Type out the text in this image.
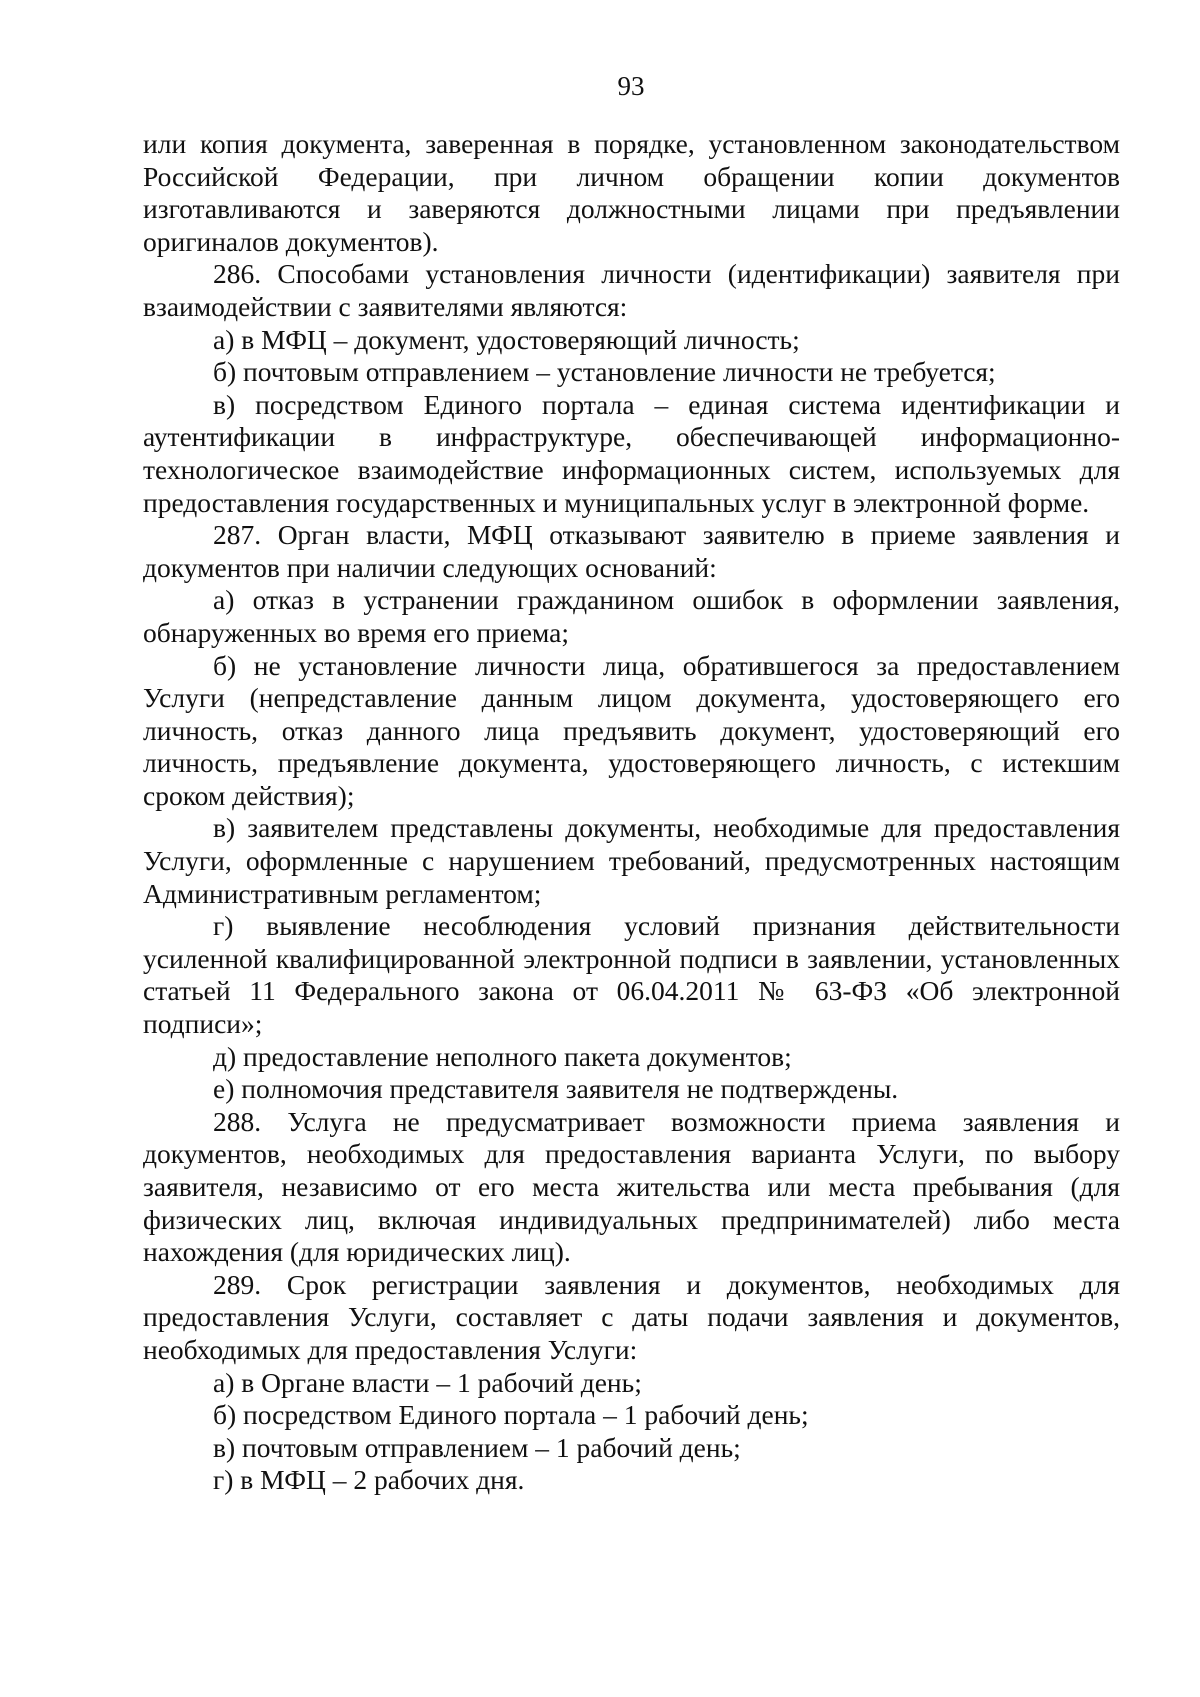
93

или копия документа, заверенная в порядке, установленном законодательством Российской Федерации, при личном обращении копии документов изготавливаются и заверяются должностными лицами при предъявлении оригиналов документов).

286. Способами установления личности (идентификации) заявителя при взаимодействии с заявителями являются:

а) в МФЦ – документ, удостоверяющий личность;

б) почтовым отправлением – установление личности не требуется;

в) посредством Единого портала – единая система идентификации и аутентификации в инфраструктуре, обеспечивающей информационно-технологическое взаимодействие информационных систем, используемых для предоставления государственных и муниципальных услуг в электронной форме.

287. Орган власти, МФЦ отказывают заявителю в приеме заявления и документов при наличии следующих оснований:

а) отказ в устранении гражданином ошибок в оформлении заявления, обнаруженных во время его приема;

б) не установление личности лица, обратившегося за предоставлением Услуги (непредставление данным лицом документа, удостоверяющего его личность, отказ данного лица предъявить документ, удостоверяющий его личность, предъявление документа, удостоверяющего личность, с истекшим сроком действия);

в) заявителем представлены документы, необходимые для предоставления Услуги, оформленные с нарушением требований, предусмотренных настоящим Административным регламентом;

г) выявление несоблюдения условий признания действительности усиленной квалифицированной электронной подписи в заявлении, установленных статьей 11 Федерального закона от 06.04.2011 № 63-ФЗ «Об электронной подписи»;

д) предоставление неполного пакета документов;

е) полномочия представителя заявителя не подтверждены.

288. Услуга не предусматривает возможности приема заявления и документов, необходимых для предоставления варианта Услуги, по выбору заявителя, независимо от его места жительства или места пребывания (для физических лиц, включая индивидуальных предпринимателей) либо места нахождения (для юридических лиц).

289. Срок регистрации заявления и документов, необходимых для предоставления Услуги, составляет с даты подачи заявления и документов, необходимых для предоставления Услуги:

а) в Органе власти – 1 рабочий день;

б) посредством Единого портала – 1 рабочий день;

в) почтовым отправлением – 1 рабочий день;

г) в МФЦ – 2 рабочих дня.
